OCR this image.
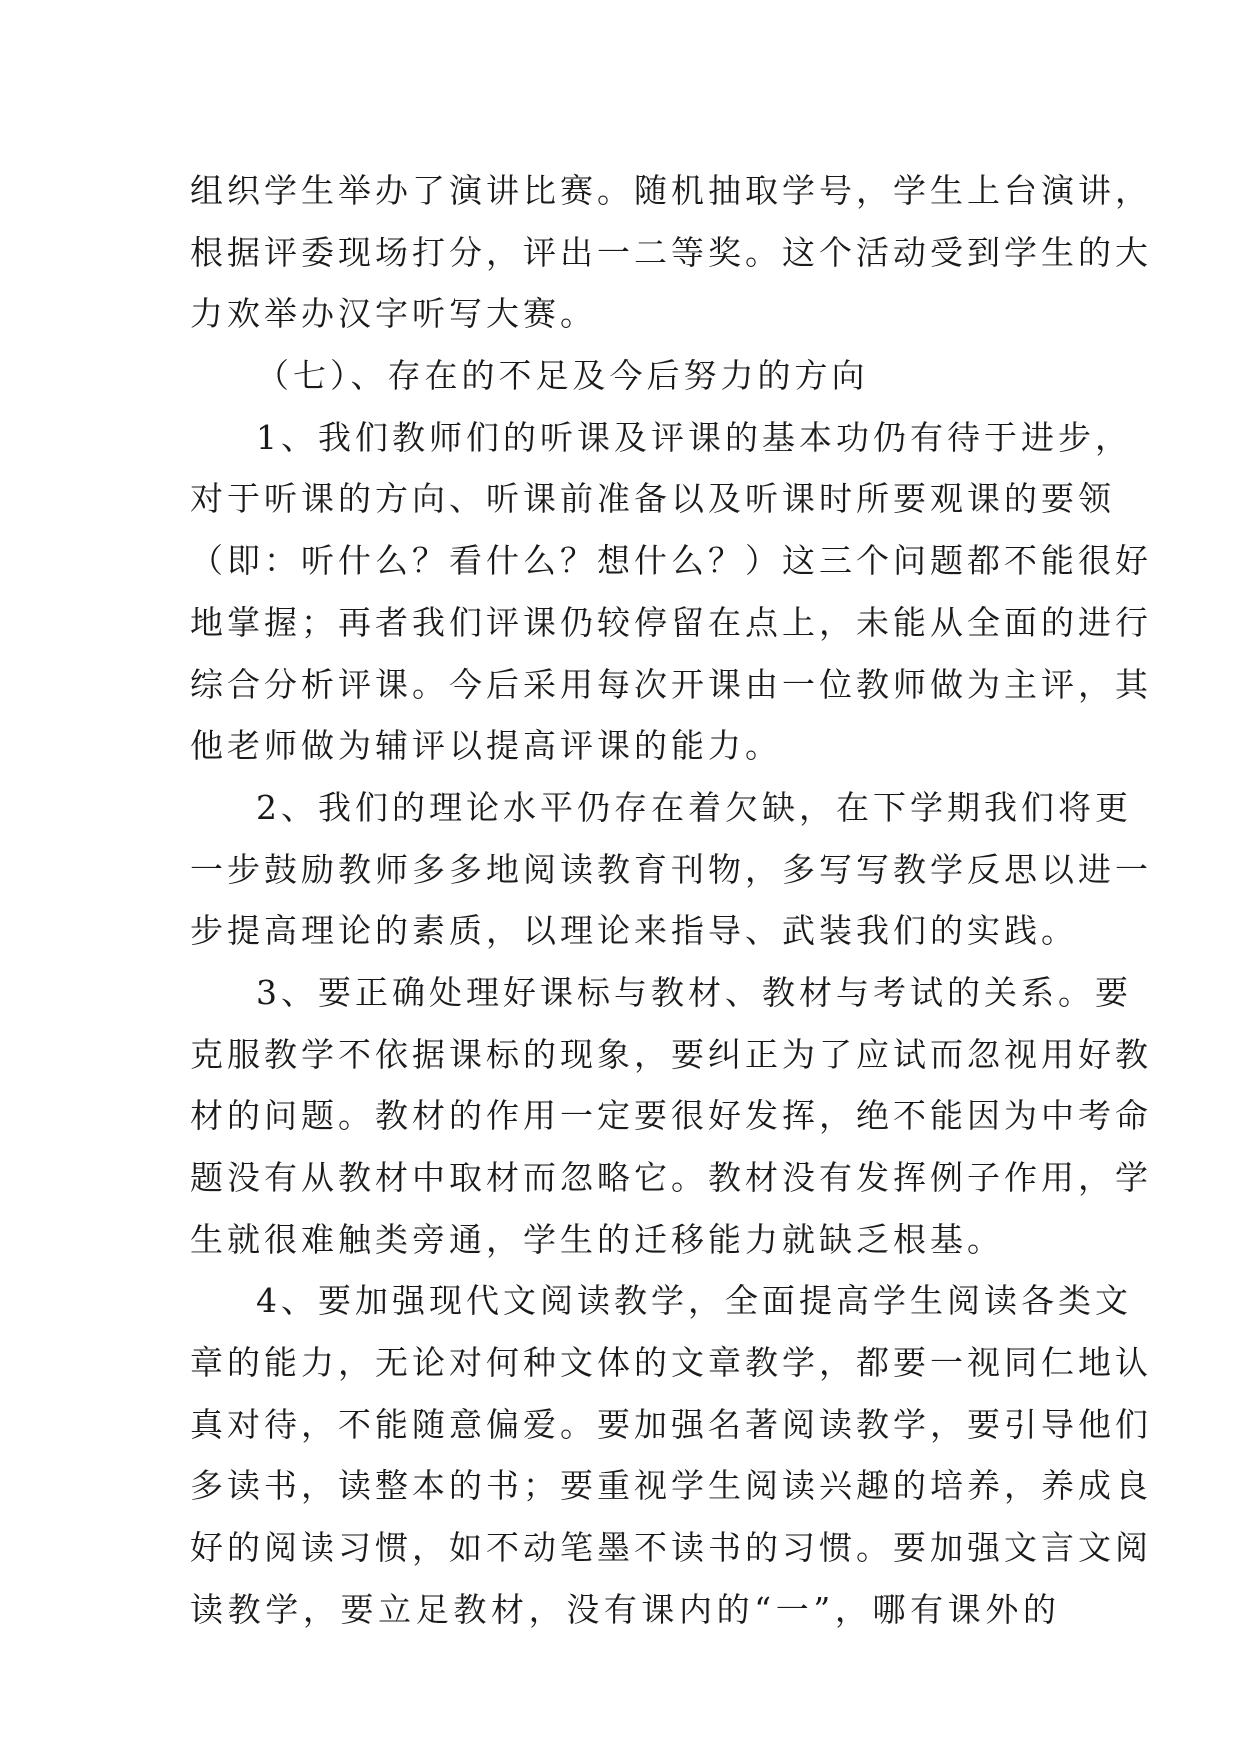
组织学生举办了演讲比赛。随机抽取学号，学生上台演讲，
根据评委现场打分，评出一二等奖。这个活动受到学生的大
力欢举办汉字听写大赛。
（七）、存在的不足及今后努力的方向
1、我们教师们的听课及评课的基本功仍有待于进步，
对于听课的方向、听课前准备以及听课时所要观课的要领
（即：听什么？看什么？想什么？）这三个问题都不能很好
地掌握；再者我们评课仍较停留在点上，未能从全面的进行
综合分析评课。今后采用每次开课由一位教师做为主评，其
他老师做为辅评以提高评课的能力。
2、我们的理论水平仍存在着欠缺，在下学期我们将更
一步鼓励教师多多地阅读教育刊物，多写写教学反思以进一
步提高理论的素质，以理论来指导、武装我们的实践。
3、要正确处理好课标与教材、教材与考试的关系。要
克服教学不依据课标的现象，要纠正为了应试而忽视用好教
材的问题。教材的作用一定要很好发挥，绝不能因为中考命
题没有从教材中取材而忽略它。教材没有发挥例子作用，学
生就很难触类旁通，学生的迁移能力就缺乏根基。
4、要加强现代文阅读教学，全面提高学生阅读各类文
章的能力，无论对何种文体的文章教学，都要一视同仁地认
真对待，不能随意偏爱。要加强名著阅读教学，要引导他们
多读书，读整本的书；要重视学生阅读兴趣的培养，养成良
好的阅读习惯，如不动笔墨不读书的习惯。要加强文言文阅
读教学，要立足教材，没有课内的“一”，哪有课外的
